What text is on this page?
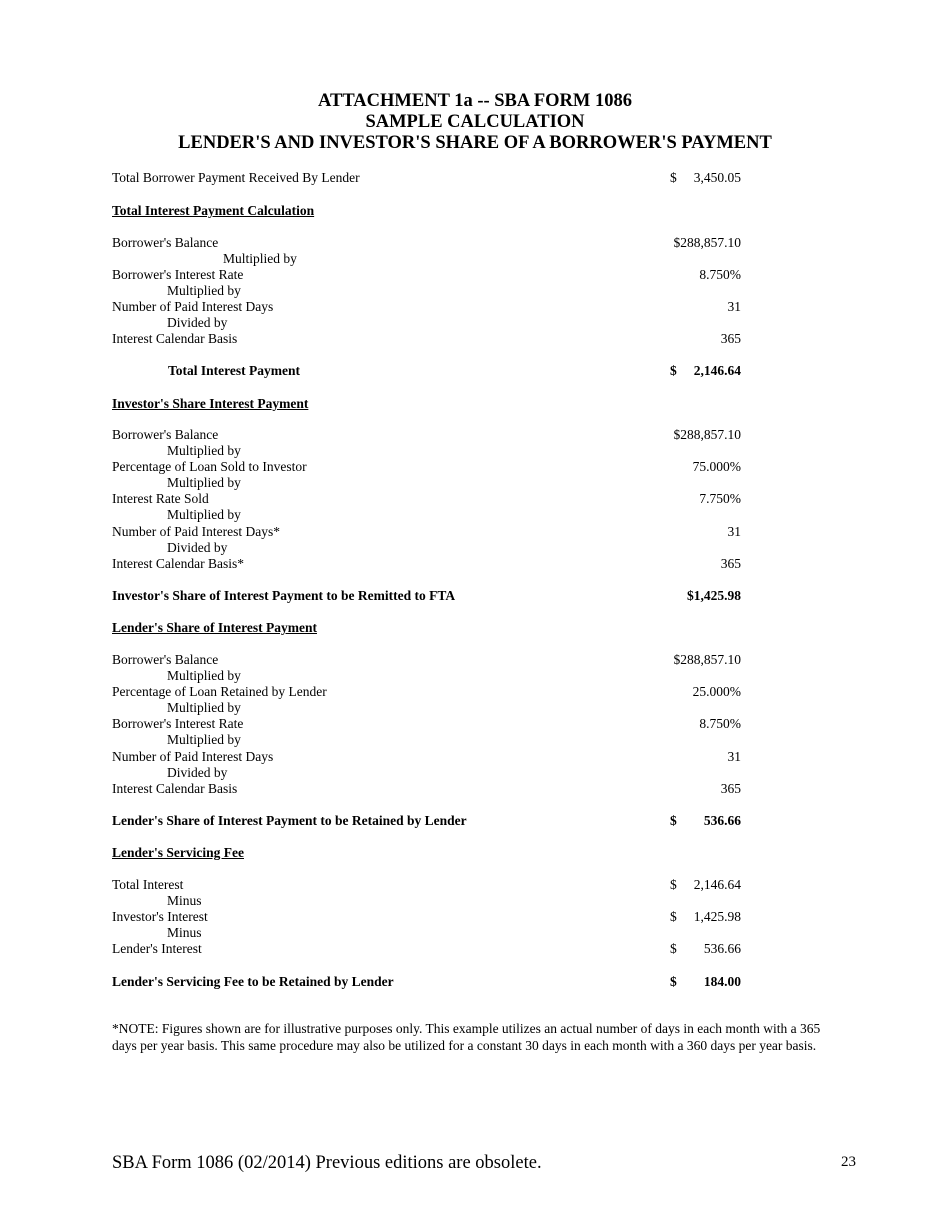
ATTACHMENT 1a -- SBA FORM 1086
SAMPLE CALCULATION
LENDER'S AND INVESTOR'S SHARE OF A BORROWER'S PAYMENT
Total Borrower Payment Received By Lender	$ 3,450.05
Total Interest Payment Calculation
Borrower's Balance	$288,857.10
Multiplied by
Borrower's Interest Rate	8.750%
Multiplied by
Number of Paid Interest Days	31
Divided by
Interest Calendar Basis	365
Total Interest Payment	$ 2,146.64
Investor's Share Interest Payment
Borrower's Balance	$288,857.10
Multiplied by
Percentage of Loan Sold to Investor	75.000%
Multiplied by
Interest Rate Sold	7.750%
Multiplied by
Number of Paid Interest Days*	31
Divided by
Interest Calendar Basis*	365
Investor's Share of Interest Payment to be Remitted to FTA	$1,425.98
Lender's Share of Interest Payment
Borrower's Balance	$288,857.10
Multiplied by
Percentage of Loan Retained by Lender	25.000%
Multiplied by
Borrower's Interest Rate	8.750%
Multiplied by
Number of Paid Interest Days	31
Divided by
Interest Calendar Basis	365
Lender's Share of Interest Payment to be Retained by Lender	$ 536.66
Lender's Servicing Fee
Total Interest	$ 2,146.64
Minus
Investor's Interest	$ 1,425.98
Minus
Lender's Interest	$ 536.66
Lender's Servicing Fee to be Retained by Lender	$ 184.00
*NOTE: Figures shown are for illustrative purposes only. This example utilizes an actual number of days in each month with a 365 days per year basis. This same procedure may also be utilized for a constant 30 days in each month with a 360 days per year basis.
SBA Form 1086 (02/2014) Previous editions are obsolete.	23
